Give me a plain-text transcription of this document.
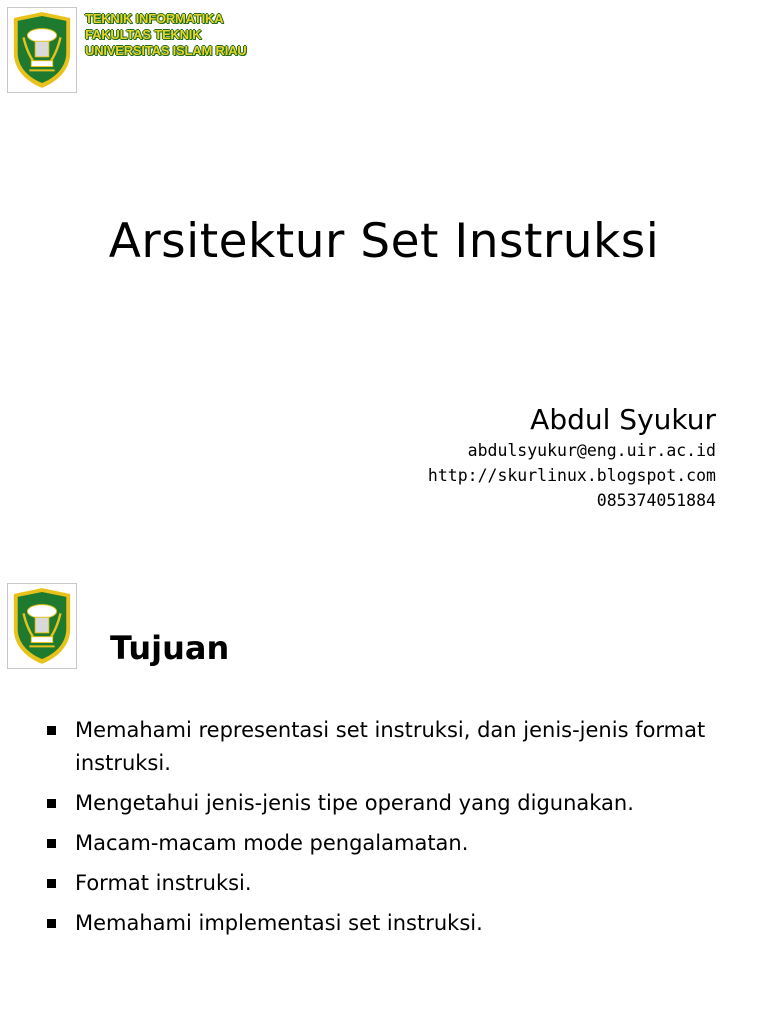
TEKNIK INFORMATIKA
FAKULTAS TEKNIK
UNIVERSITAS ISLAM RIAU
Arsitektur Set Instruksi
Abdul Syukur
abdulsyukur@eng.uir.ac.id
http://skurlinux.blogspot.com
085374051884
Tujuan
Memahami representasi set instruksi, dan jenis-jenis format instruksi.
Mengetahui jenis-jenis tipe operand yang digunakan.
Macam-macam mode pengalamatan.
Format instruksi.
Memahami implementasi set instruksi.
